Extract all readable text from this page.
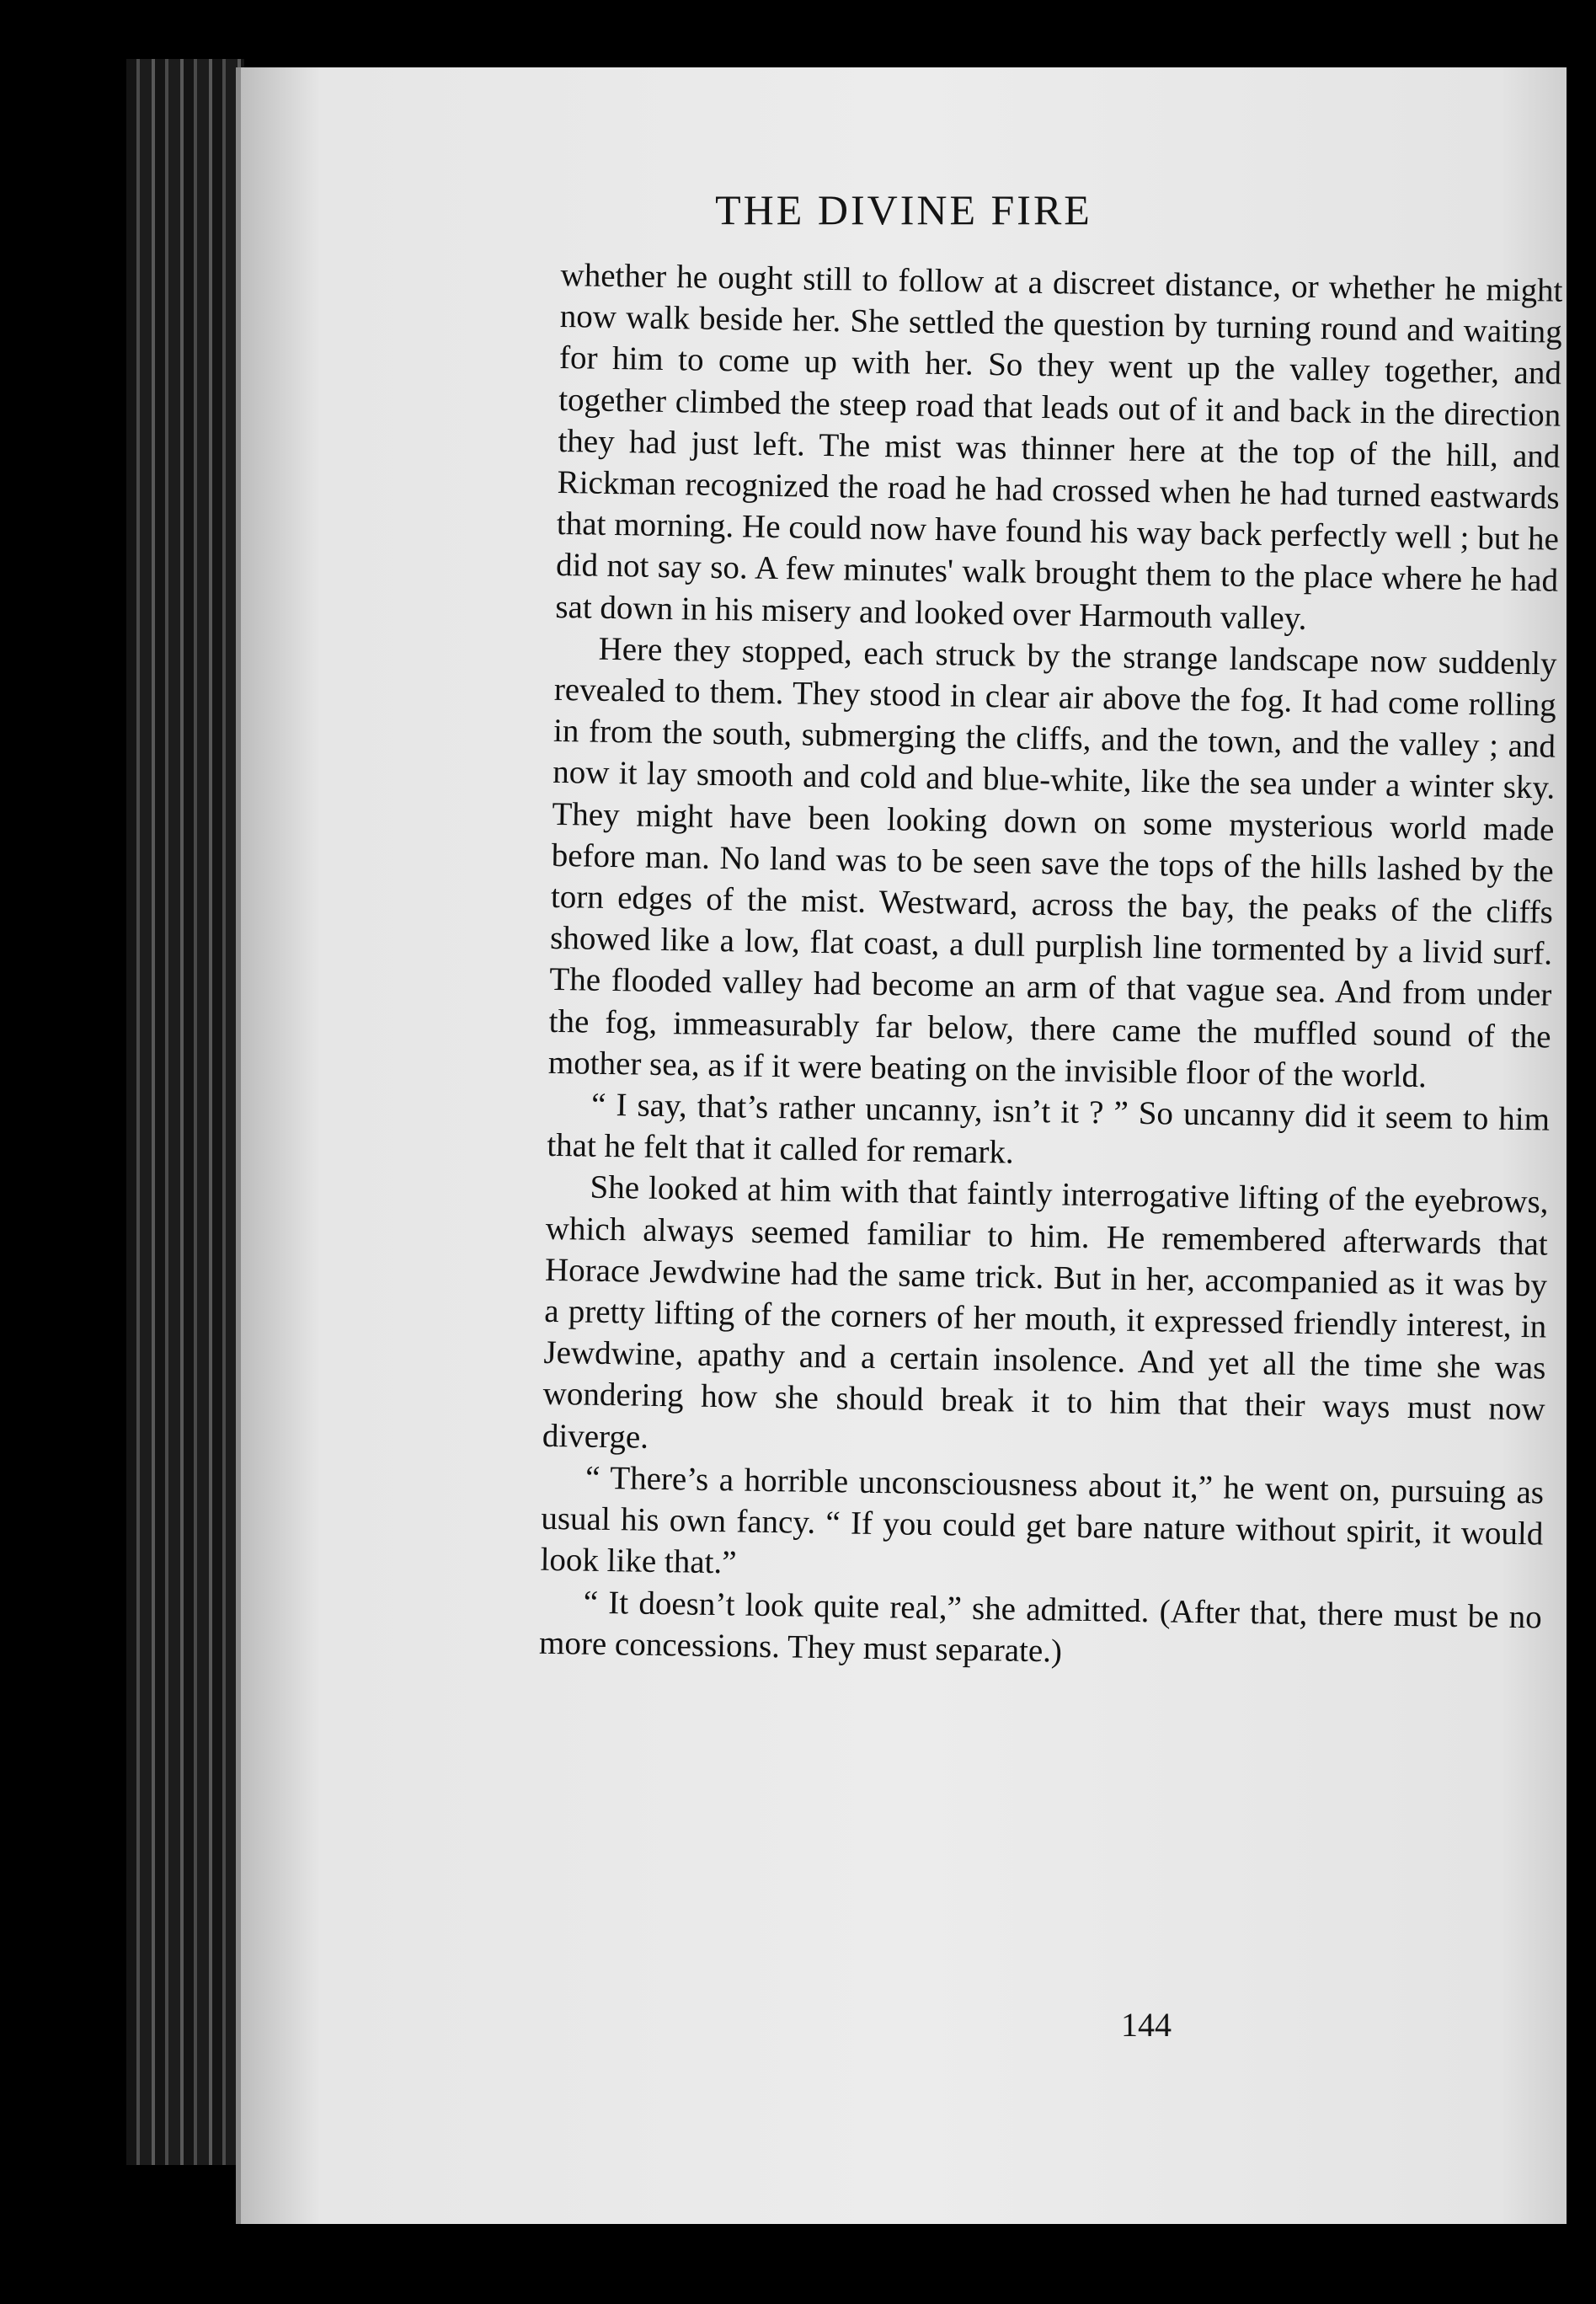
THE DIVINE FIRE

whether he ought still to follow at a discreet distance, or whether he might now walk beside her. She settled the question by turning round and waiting for him to come up with her. So they went up the valley together, and together climbed the steep road that leads out of it and back in the direction they had just left. The mist was thinner here at the top of the hill, and Rickman recognized the road he had crossed when he had turned eastwards that morning. He could now have found his way back perfectly well ; but he did not say so. A few minutes' walk brought them to the place where he had sat down in his misery and looked over Harmouth valley.

Here they stopped, each struck by the strange landscape now suddenly revealed to them. They stood in clear air above the fog. It had come rolling in from the south, submerging the cliffs, and the town, and the valley ; and now it lay smooth and cold and blue-white, like the sea under a winter sky. They might have been looking down on some mysterious world made before man. No land was to be seen save the tops of the hills lashed by the torn edges of the mist. Westward, across the bay, the peaks of the cliffs showed like a low, flat coast, a dull purplish line tormented by a livid surf. The flooded valley had become an arm of that vague sea. And from under the fog, immeasurably far below, there came the muffled sound of the mother sea, as if it were beating on the invisible floor of the world.

“ I say, that’s rather uncanny, isn’t it ? ” So uncanny did it seem to him that he felt that it called for remark.

She looked at him with that faintly interrogative lifting of the eyebrows, which always seemed familiar to him. He remembered afterwards that Horace Jewdwine had the same trick. But in her, accompanied as it was by a pretty lifting of the corners of her mouth, it expressed friendly interest, in Jewdwine, apathy and a certain insolence. And yet all the time she was wondering how she should break it to him that their ways must now diverge.

“ There’s a horrible unconsciousness about it,” he went on, pursuing as usual his own fancy. “ If you could get bare nature without spirit, it would look like that.”

“ It doesn’t look quite real,” she admitted. (After that, there must be no more concessions. They must separate.)

144
